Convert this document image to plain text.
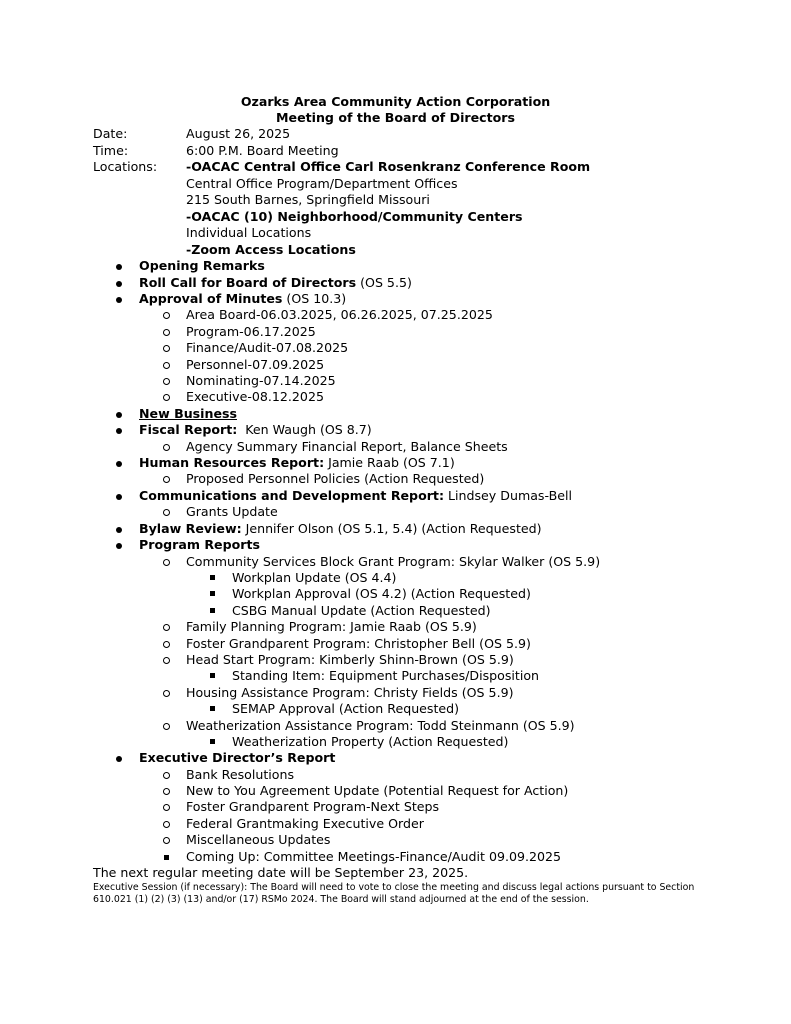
Ozarks Area Community Action Corporation
Meeting of the Board of Directors
Date:	August 26, 2025
Time:	6:00 P.M. Board Meeting
Locations: -OACAC Central Office Carl Rosenkranz Conference Room
Central Office Program/Department Offices
215 South Barnes, Springfield Missouri
-OACAC (10) Neighborhood/Community Centers
Individual Locations
-Zoom Access Locations
Opening Remarks
Roll Call for Board of Directors (OS 5.5)
Approval of Minutes (OS 10.3)
Area Board-06.03.2025, 06.26.2025, 07.25.2025
Program-06.17.2025
Finance/Audit-07.08.2025
Personnel-07.09.2025
Nominating-07.14.2025
Executive-08.12.2025
New Business
Fiscal Report:  Ken Waugh (OS 8.7)
Agency Summary Financial Report, Balance Sheets
Human Resources Report: Jamie Raab (OS 7.1)
Proposed Personnel Policies (Action Requested)
Communications and Development Report: Lindsey Dumas-Bell
Grants Update
Bylaw Review: Jennifer Olson (OS 5.1, 5.4) (Action Requested)
Program Reports
Community Services Block Grant Program: Skylar Walker (OS 5.9)
Workplan Update (OS 4.4)
Workplan Approval (OS 4.2) (Action Requested)
CSBG Manual Update (Action Requested)
Family Planning Program: Jamie Raab (OS 5.9)
Foster Grandparent Program: Christopher Bell (OS 5.9)
Head Start Program: Kimberly Shinn-Brown (OS 5.9)
Standing Item: Equipment Purchases/Disposition
Housing Assistance Program: Christy Fields (OS 5.9)
SEMAP Approval (Action Requested)
Weatherization Assistance Program: Todd Steinmann (OS 5.9)
Weatherization Property (Action Requested)
Executive Director’s Report
Bank Resolutions
New to You Agreement Update (Potential Request for Action)
Foster Grandparent Program-Next Steps
Federal Grantmaking Executive Order
Miscellaneous Updates
Coming Up: Committee Meetings-Finance/Audit 09.09.2025
The next regular meeting date will be September 23, 2025.
Executive Session (if necessary): The Board will need to vote to close the meeting and discuss legal actions pursuant to Section
610.021 (1) (2) (3) (13) and/or (17) RSMo 2024. The Board will stand adjourned at the end of the session.
